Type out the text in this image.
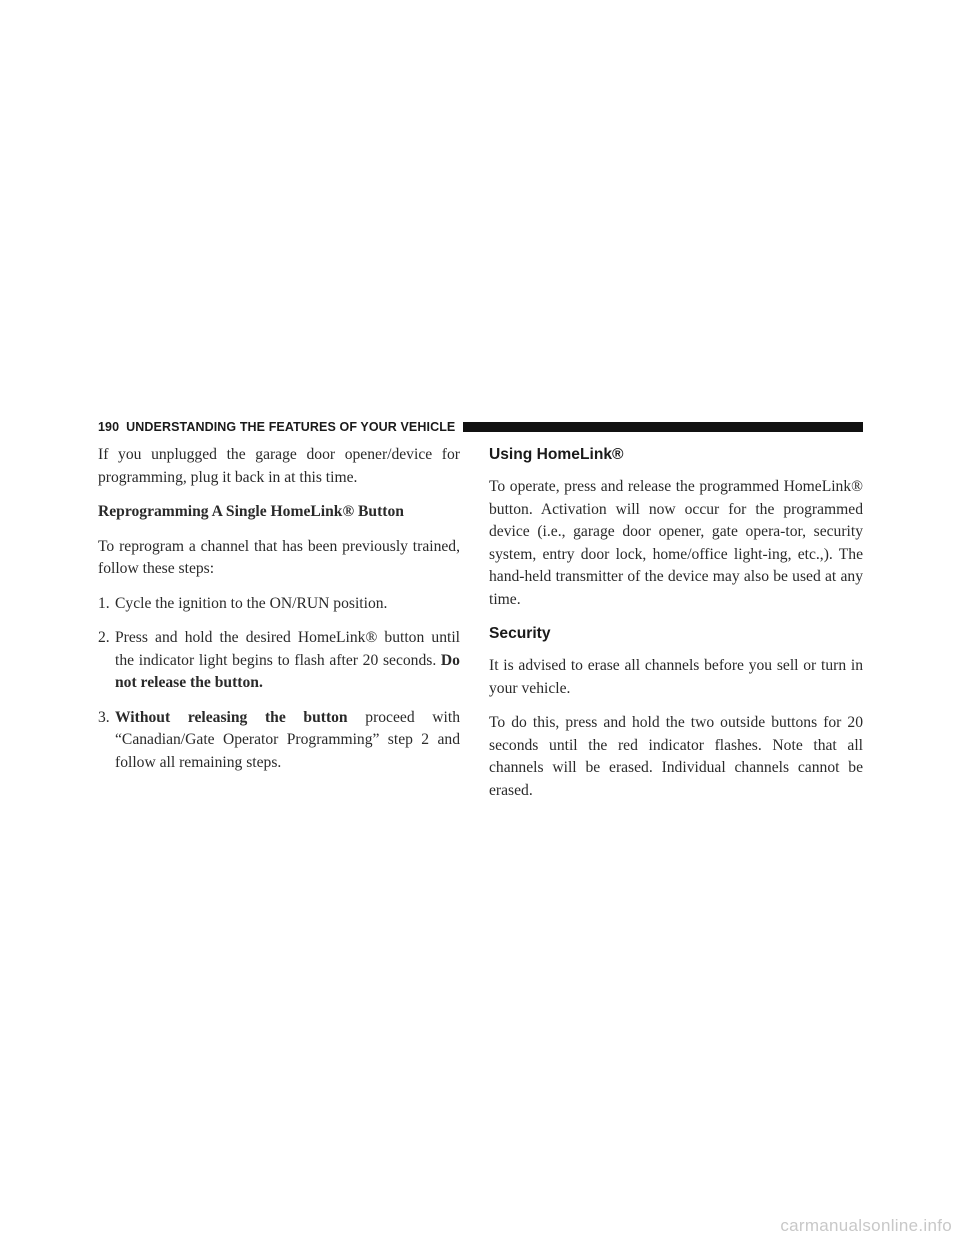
190 UNDERSTANDING THE FEATURES OF YOUR VEHICLE

If you unplugged the garage door opener/device for programming, plug it back in at this time.

Reprogramming A Single HomeLink® Button

To reprogram a channel that has been previously trained, follow these steps:

1. Cycle the ignition to the ON/RUN position.
2. Press and hold the desired HomeLink® button until the indicator light begins to flash after 20 seconds. Do not release the button.
3. Without releasing the button proceed with “Canadian/Gate Operator Programming” step 2 and follow all remaining steps.
Using HomeLink®

To operate, press and release the programmed HomeLink® button. Activation will now occur for the programmed device (i.e., garage door opener, gate opera-tor, security system, entry door lock, home/office light-ing, etc.,). The hand-held transmitter of the device may also be used at any time.

Security

It is advised to erase all channels before you sell or turn in your vehicle.

To do this, press and hold the two outside buttons for 20 seconds until the red indicator flashes. Note that all channels will be erased. Individual channels cannot be erased.

carmanualsonline.info
